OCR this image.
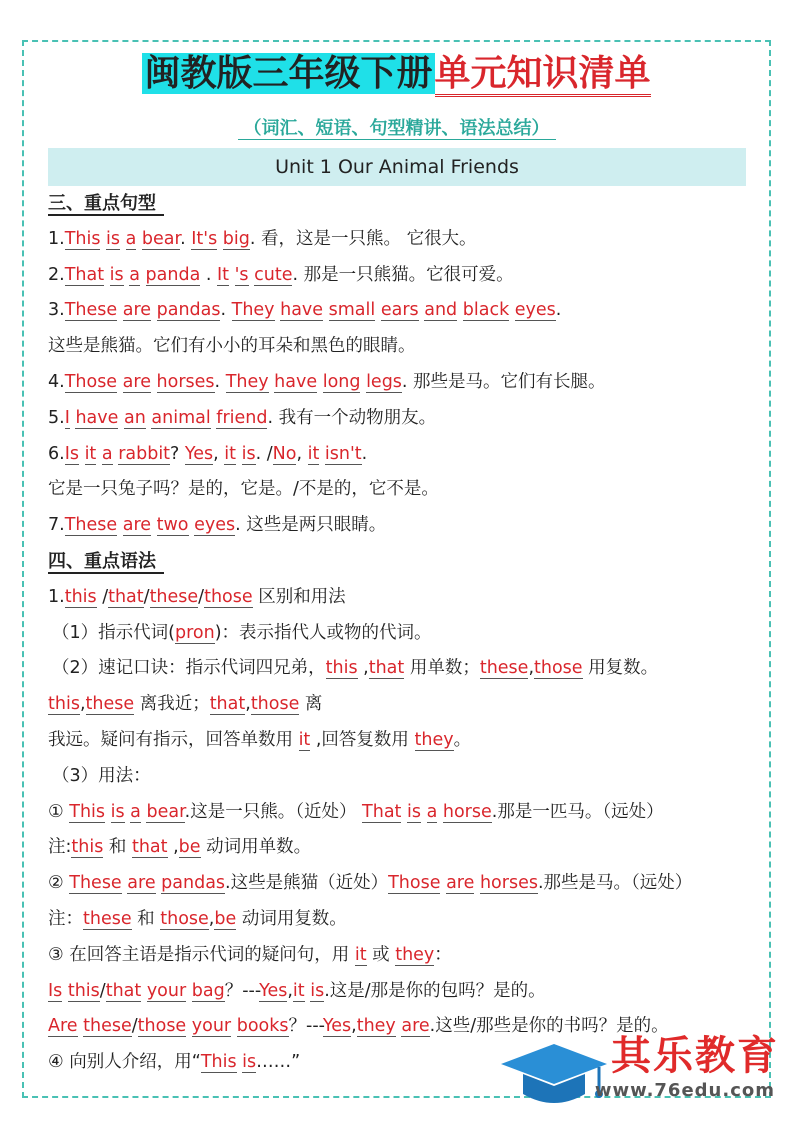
闽教版三年级下册单元知识清单
（词汇、短语、句型精讲、语法总结）
Unit 1 Our Animal Friends
三、重点句型
1.This is a bear. It's big. 看，这是一只熊。 它很大。
2.That is a panda . It 's cute. 那是一只熊猫。它很可爱。
3.These are pandas. They have small ears and black eyes.
这些是熊猫。它们有小小的耳朵和黑色的眼睛。
4.Those are horses. They have long legs. 那些是马。它们有长腿。
5.I have an animal friend. 我有一个动物朋友。
6.Is it a rabbit? Yes, it is. /No, it isn't.
它是一只兔子吗？是的，它是。/不是的，它不是。
7.These are two eyes. 这些是两只眼睛。
四、重点语法
1.this /that/these/those 区别和用法
（1）指示代词(pron)：表示指代人或物的代词。
（2）速记口诀：指示代词四兄弟，this ,that 用单数；these,those 用复数。
this,these 离我近；that,those 离
我远。疑问有指示，回答单数用 it ,回答复数用 they。
（3）用法：
① This is a bear.这是一只熊。（近处） That is a horse.那是一匹马。（远处）
注:this 和 that ,be 动词用单数。
② These are pandas.这些是熊猫（近处）Those are horses.那些是马。（远处）
注：these 和 those,be 动词用复数。
③ 在回答主语是指示代词的疑问句，用 it 或 they：
Is this/that your bag？---Yes,it is.这是/那是你的包吗？是的。
Are these/those your books？---Yes,they are.这些/那些是你的书吗？是的。
④ 向别人介绍，用“This is……”	其乐教育
www.76edu.com
